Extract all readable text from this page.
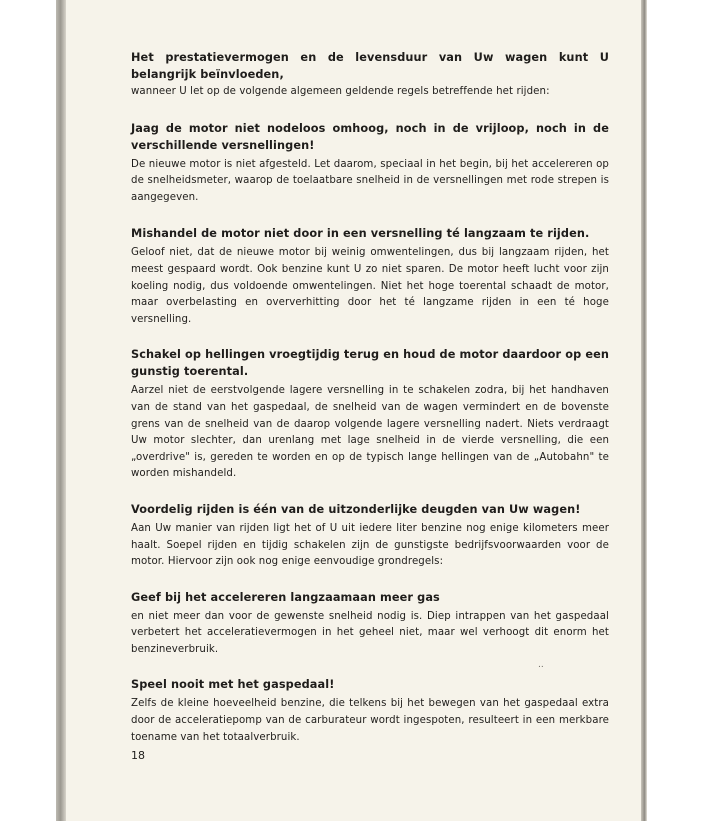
Het prestatievermogen en de levensduur van Uw wagen kunt U belangrijk beïnvloeden,

wanneer U let op de volgende algemeen geldende regels betreffende het rijden:

Jaag de motor niet nodeloos omhoog, noch in de vrijloop, noch in de verschillende versnellingen!

De nieuwe motor is niet afgesteld. Let daarom, speciaal in het begin, bij het accelereren op de snelheidsmeter, waarop de toelaatbare snelheid in de versnellingen met rode strepen is aangegeven.

Mishandel de motor niet door in een versnelling té langzaam te rijden.

Geloof niet, dat de nieuwe motor bij weinig omwentelingen, dus bij langzaam rijden, het meest gespaard wordt. Ook benzine kunt U zo niet sparen. De motor heeft lucht voor zijn koeling nodig, dus voldoende omwentelingen. Niet het hoge toerental schaadt de motor, maar overbelasting en oververhitting door het té langzame rijden in een té hoge versnelling.

Schakel op hellingen vroegtijdig terug en houd de motor daardoor op een gunstig toerental.

Aarzel niet de eerstvolgende lagere versnelling in te schakelen zodra, bij het handhaven van de stand van het gaspedaal, de snelheid van de wagen vermindert en de bovenste grens van de snelheid van de daarop volgende lagere versnelling nadert. Niets verdraagt Uw motor slechter, dan urenlang met lage snelheid in de vierde versnelling, die een „overdrive" is, gereden te worden en op de typisch lange hellingen van de „Autobahn" te worden mishandeld.

Voordelig rijden is één van de uitzonderlijke deugden van Uw wagen!

Aan Uw manier van rijden ligt het of U uit iedere liter benzine nog enige kilometers meer haalt. Soepel rijden en tijdig schakelen zijn de gunstigste bedrijfsvoorwaarden voor de motor. Hiervoor zijn ook nog enige eenvoudige grondregels:

Geef bij het accelereren langzaamaan meer gas

en niet meer dan voor de gewenste snelheid nodig is. Diep intrappen van het gaspedaal verbetert het acceleratievermogen in het geheel niet, maar wel verhoogt dit enorm het benzineverbruik.

Speel nooit met het gaspedaal!

Zelfs de kleine hoeveelheid benzine, die telkens bij het bewegen van het gaspedaal extra door de acceleratiepomp van de carburateur wordt ingespoten, resulteert in een merkbare toename van het totaalverbruik.

..
18
